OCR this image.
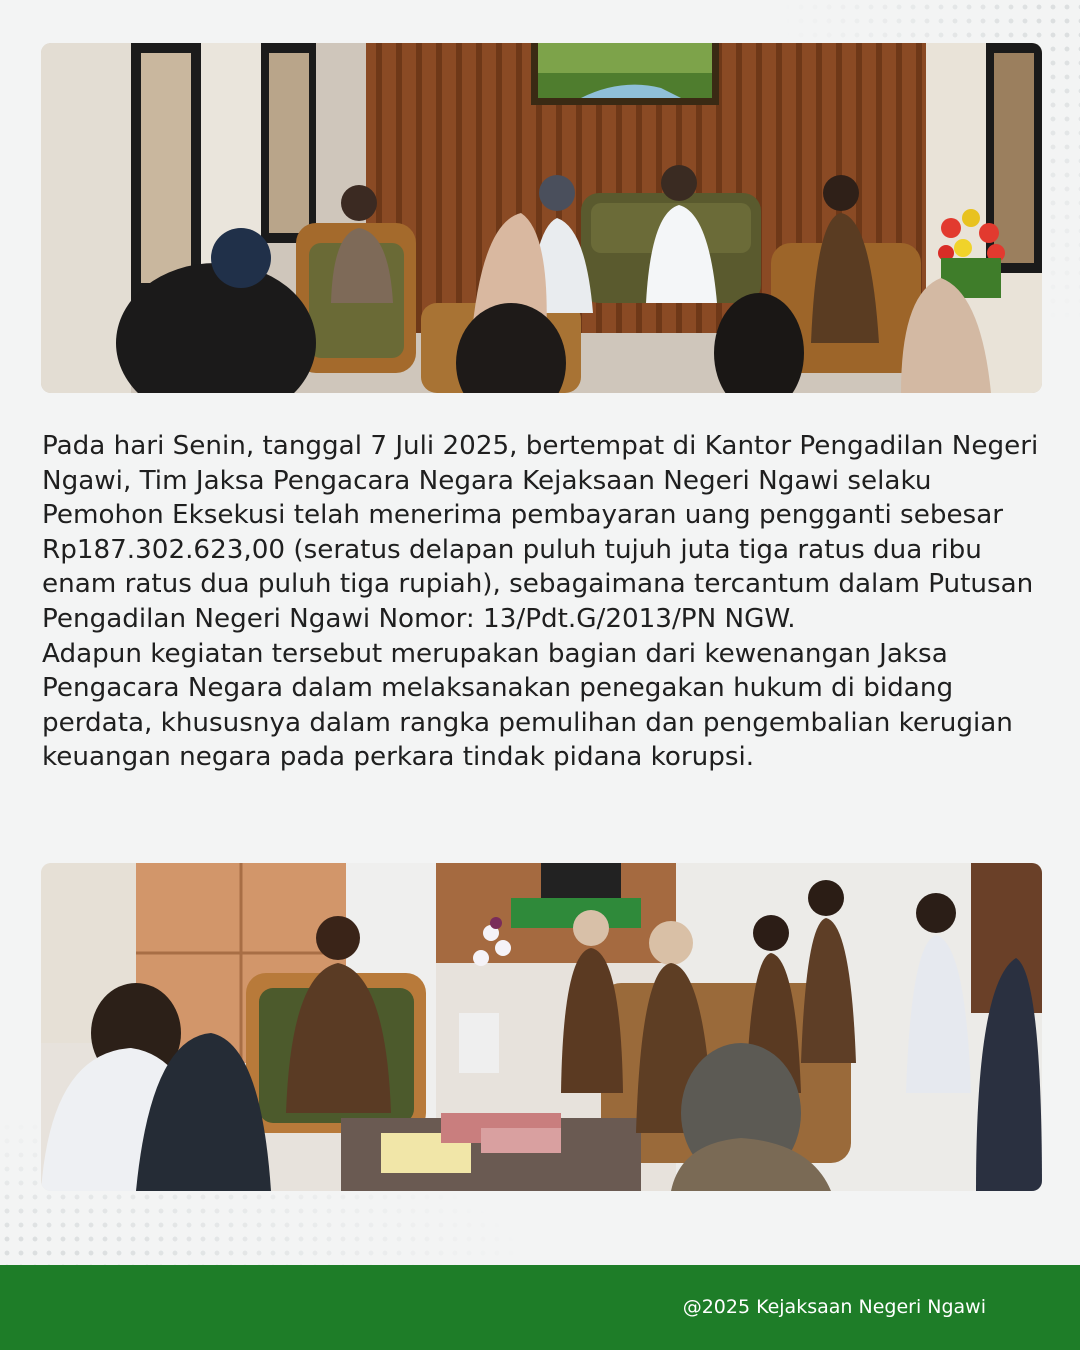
Pada hari Senin, tanggal 7 Juli 2025, bertempat di Kantor Pengadilan Negeri Ngawi, Tim Jaksa Pengacara Negara Kejaksaan Negeri Ngawi selaku Pemohon Eksekusi telah menerima pembayaran uang pengganti sebesar Rp187.302.623,00 (seratus delapan puluh tujuh juta tiga ratus dua ribu enam ratus dua puluh tiga rupiah), sebagaimana tercantum dalam Putusan Pengadilan Negeri Ngawi Nomor: 13/Pdt.G/2013/PN NGW.

Adapun kegiatan tersebut merupakan bagian dari kewenangan Jaksa Pengacara Negara dalam melaksanakan penegakan hukum di bidang perdata, khususnya dalam rangka pemulihan dan pengembalian kerugian keuangan negara pada perkara tindak pidana korupsi.

@2025 Kejaksaan Negeri Ngawi
